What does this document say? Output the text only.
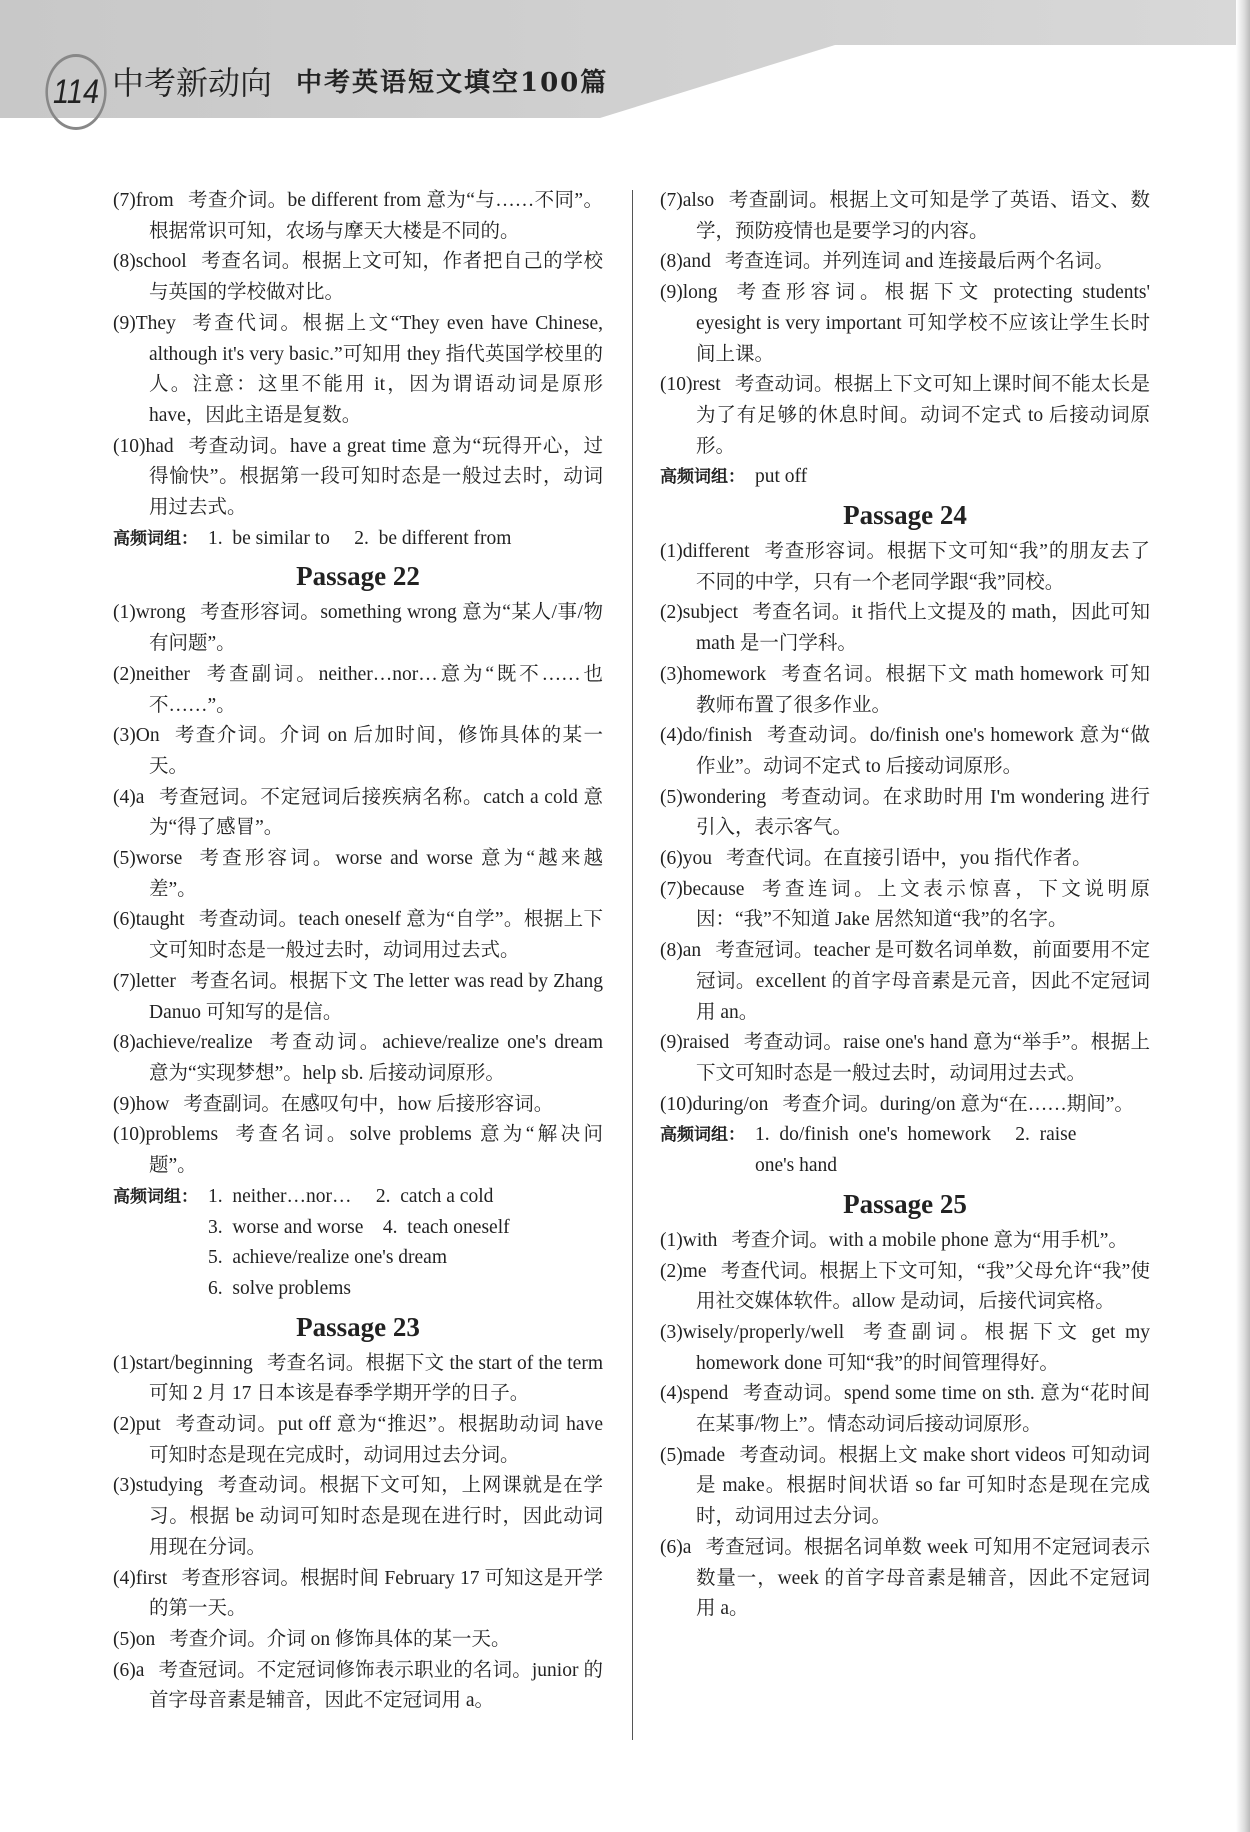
114 中考新动向 中考英语短文填空100篇
(7)from 考查介词。be different from 意为“与……不同”。根据常识可知，农场与摩天大楼是不同的。
(8)school 考查名词。根据上文可知，作者把自己的学校与英国的学校做对比。
(9)They 考查代词。根据上文“They even have Chinese, although it's very basic.”可知用 they 指代英国学校里的人。注意：这里不能用 it，因为谓语动词是原形 have，因此主语是复数。
(10)had 考查动词。have a great time 意为“玩得开心，过得愉快”。根据第一段可知时态是一般过去时，动词用过去式。
高频词组： 1.  be similar to     2.  be different from
Passage 22
(1)wrong 考查形容词。something wrong 意为“某人/事/物有问题”。
(2)neither 考查副词。neither…nor…意为“既不……也不……”。
(3)On 考查介词。介词 on 后加时间，修饰具体的某一天。
(4)a 考查冠词。不定冠词后接疾病名称。catch a cold 意为“得了感冒”。
(5)worse 考查形容词。worse and worse 意为“越来越差”。
(6)taught 考查动词。teach oneself 意为“自学”。根据上下文可知时态是一般过去时，动词用过去式。
(7)letter 考查名词。根据下文 The letter was read by Zhang Danuo 可知写的是信。
(8)achieve/realize 考查动词。achieve/realize one's dream 意为“实现梦想”。help sb. 后接动词原形。
(9)how 考查副词。在感叹句中，how 后接形容词。
(10)problems 考查名词。solve problems 意为“解决问题”。
高频词组： 1.  neither…nor…     2.  catch a cold
3.  worse and worse    4.  teach oneself
5.  achieve/realize one's dream
6.  solve problems
Passage 23
(1)start/beginning 考查名词。根据下文 the start of the term 可知 2 月 17 日本该是春季学期开学的日子。
(2)put 考查动词。put off 意为“推迟”。根据助动词 have 可知时态是现在完成时，动词用过去分词。
(3)studying 考查动词。根据下文可知，上网课就是在学习。根据 be 动词可知时态是现在进行时，因此动词用现在分词。
(4)first 考查形容词。根据时间 February 17 可知这是开学的第一天。
(5)on 考查介词。介词 on 修饰具体的某一天。
(6)a 考查冠词。不定冠词修饰表示职业的名词。junior 的首字母音素是辅音，因此不定冠词用 a。
(7)also 考查副词。根据上文可知是学了英语、语文、数学，预防疫情也是要学习的内容。
(8)and 考查连词。并列连词 and 连接最后两个名词。
(9)long 考查形容词。根据下文 protecting students' eyesight is very important 可知学校不应该让学生长时间上课。
(10)rest 考查动词。根据上下文可知上课时间不能太长是为了有足够的休息时间。动词不定式 to 后接动词原形。
高频词组： put off
Passage 24
(1)different 考查形容词。根据下文可知“我”的朋友去了不同的中学，只有一个老同学跟“我”同校。
(2)subject 考查名词。it 指代上文提及的 math，因此可知 math 是一门学科。
(3)homework 考查名词。根据下文 math homework 可知教师布置了很多作业。
(4)do/finish 考查动词。do/finish one's homework 意为“做作业”。动词不定式 to 后接动词原形。
(5)wondering 考查动词。在求助时用 I'm wondering 进行引入，表示客气。
(6)you 考查代词。在直接引语中，you 指代作者。
(7)because 考查连词。上文表示惊喜，下文说明原因：“我”不知道 Jake 居然知道“我”的名字。
(8)an 考查冠词。teacher 是可数名词单数，前面要用不定冠词。excellent 的首字母音素是元音，因此不定冠词用 an。
(9)raised 考查动词。raise one's hand 意为“举手”。根据上下文可知时态是一般过去时，动词用过去式。
(10)during/on 考查介词。during/on 意为“在……期间”。
高频词组： 1.  do/finish  one's  homework     2.  raise
one's hand
Passage 25
(1)with 考查介词。with a mobile phone 意为“用手机”。
(2)me 考查代词。根据上下文可知，“我”父母允许“我”使用社交媒体软件。allow 是动词，后接代词宾格。
(3)wisely/properly/well 考查副词。根据下文 get my homework done 可知“我”的时间管理得好。
(4)spend 考查动词。spend some time on sth. 意为“花时间在某事/物上”。情态动词后接动词原形。
(5)made 考查动词。根据上文 make short videos 可知动词是 make。根据时间状语 so far 可知时态是现在完成时，动词用过去分词。
(6)a 考查冠词。根据名词单数 week 可知用不定冠词表示数量一，week 的首字母音素是辅音，因此不定冠词用 a。
